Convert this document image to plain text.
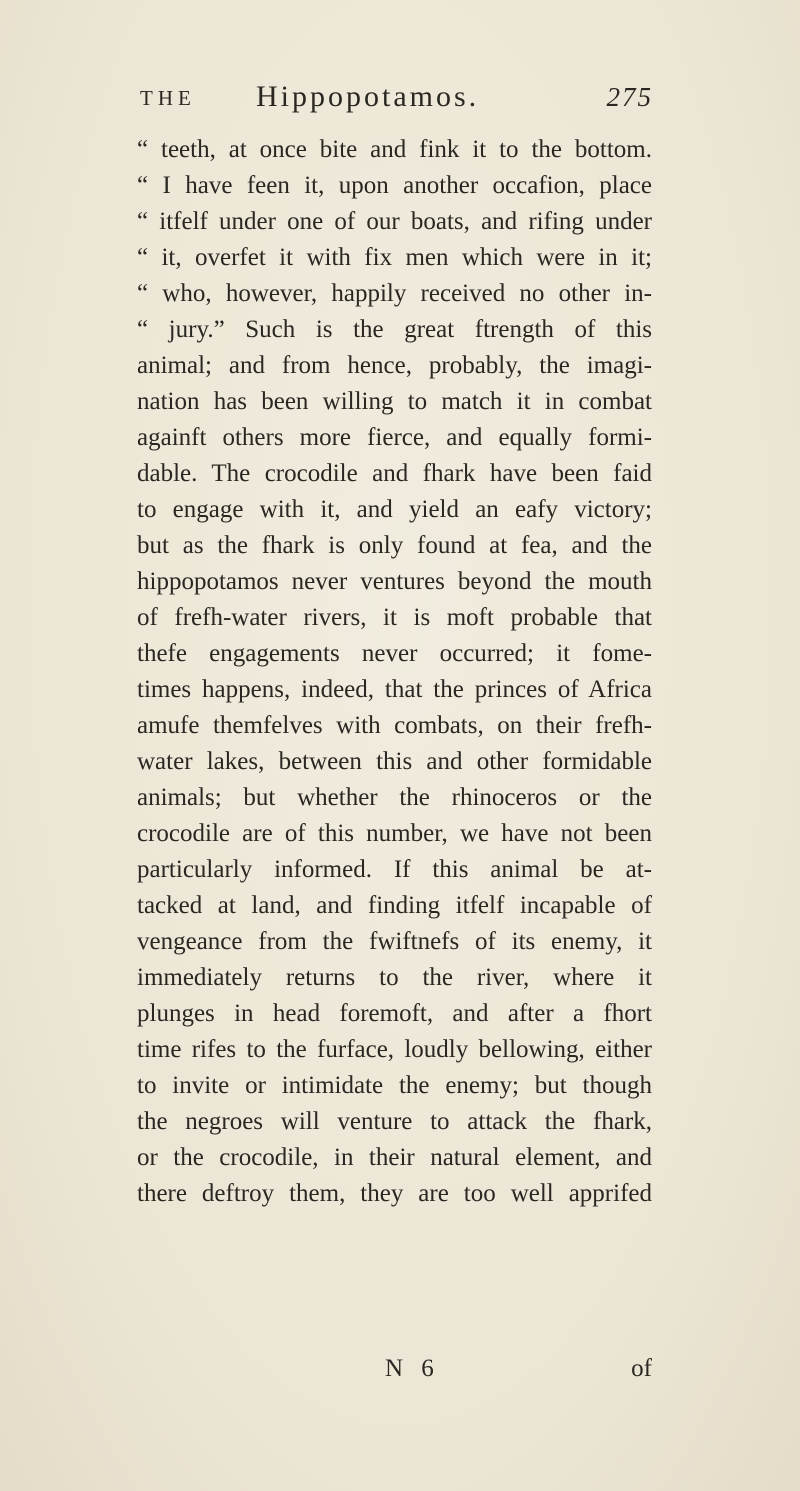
THE Hippopotamos.	275
“ teeth, at once bite and fink it to the bottom.
“ I have feen it, upon another occafion, place
“ itfelf under one of our boats, and rifing under
“ it, overfet it with fix men which were in it;
“ who, however, happily received no other in-
“ jury.” Such is the great ftrength of this
animal; and from hence, probably, the imagi-
nation has been willing to match it in combat
againft others more fierce, and equally formi-
dable. The crocodile and fhark have been faid
to engage with it, and yield an eafy victory;
but as the fhark is only found at fea, and the
hippopotamos never ventures beyond the mouth
of frefh-water rivers, it is moft probable that
thefe engagements never occurred; it fome-
times happens, indeed, that the princes of Africa
amufe themfelves with combats, on their frefh-
water lakes, between this and other formidable
animals; but whether the rhinoceros or the
crocodile are of this number, we have not been
particularly informed. If this animal be at-
tacked at land, and finding itfelf incapable of
vengeance from the fwiftnefs of its enemy, it
immediately returns to the river, where it
plunges in head foremoft, and after a fhort
time rifes to the furface, loudly bellowing, either
to invite or intimidate the enemy; but though
the negroes will venture to attack the fhark,
or the crocodile, in their natural element, and
there deftroy them, they are too well apprifed
N 6	of
